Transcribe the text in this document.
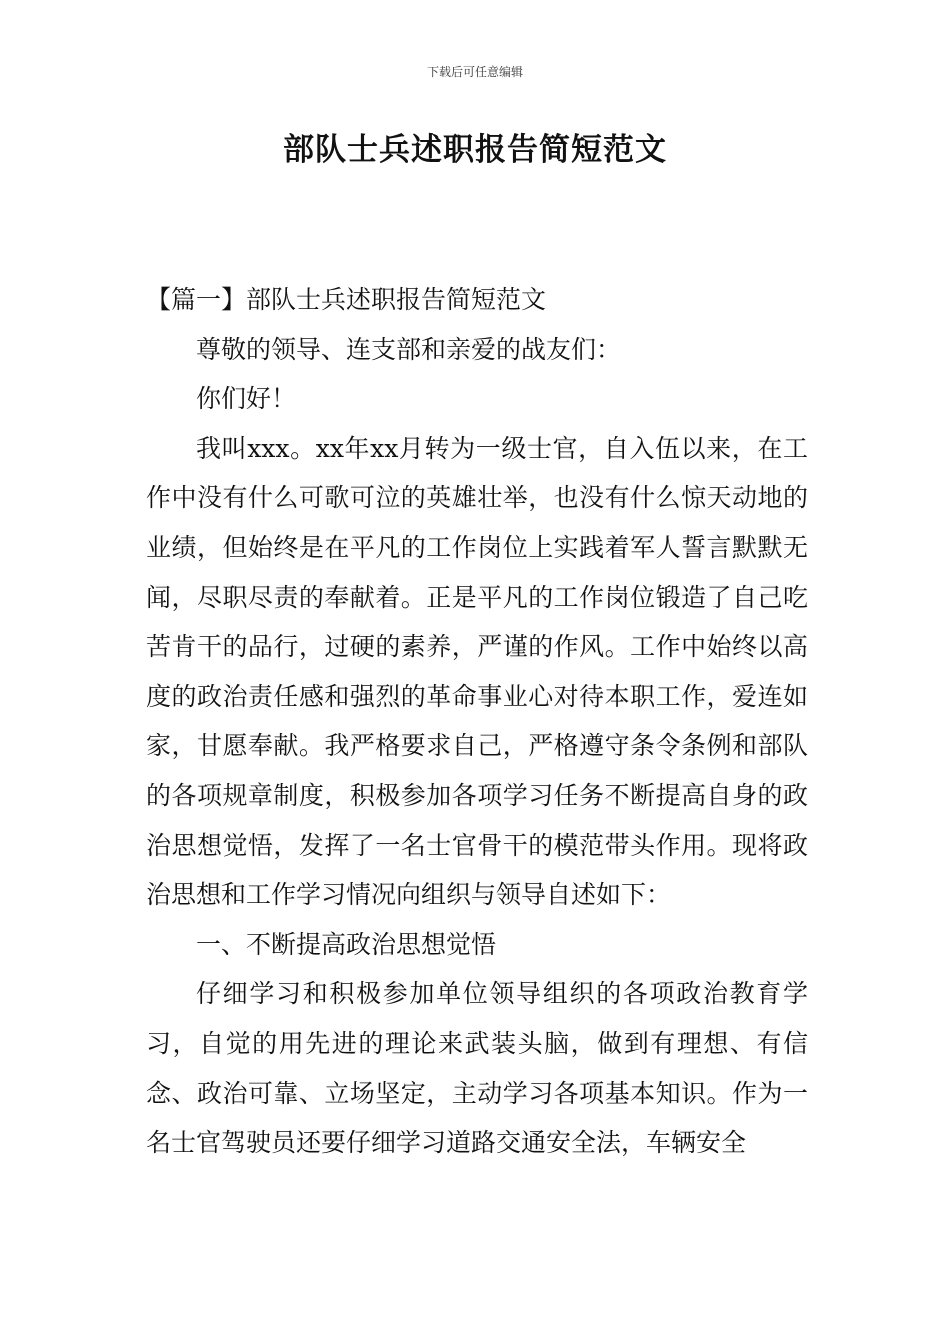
下载后可任意编辑
部队士兵述职报告简短范文

【篇一】部队士兵述职报告简短范文

尊敬的领导、连支部和亲爱的战友们：

你们好！

我叫xxx。xx年xx月转为一级士官，自入伍以来，在工作中没有什么可歌可泣的英雄壮举，也没有什么惊天动地的业绩，但始终是在平凡的工作岗位上实践着军人誓言默默无闻，尽职尽责的奉献着。正是平凡的工作岗位锻造了自己吃苦肯干的品行，过硬的素养，严谨的作风。工作中始终以高度的政治责任感和强烈的革命事业心对待本职工作，爱连如家，甘愿奉献。我严格要求自己，严格遵守条令条例和部队的各项规章制度，积极参加各项学习任务不断提高自身的政治思想觉悟，发挥了一名士官骨干的模范带头作用。现将政治思想和工作学习情况向组织与领导自述如下：

一、不断提高政治思想觉悟

仔细学习和积极参加单位领导组织的各项政治教育学习，自觉的用先进的理论来武装头脑，做到有理想、有信念、政治可靠、立场坚定，主动学习各项基本知识。作为一名士官驾驶员还要仔细学习道路交通安全法，车辆安全
